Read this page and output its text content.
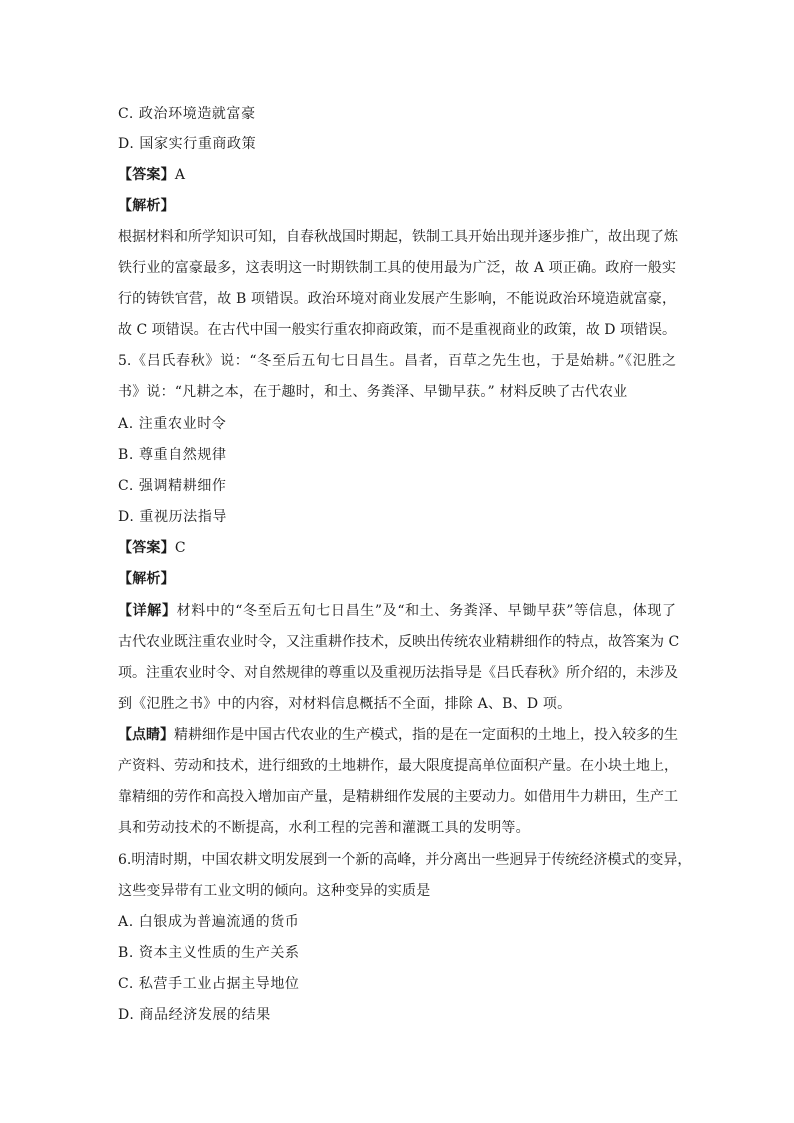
C. 政治环境造就富豪
D. 国家实行重商政策
【答案】A
【解析】
根据材料和所学知识可知，自春秋战国时期起，铁制工具开始出现并逐步推广，故出现了炼
铁行业的富豪最多，这表明这一时期铁制工具的使用最为广泛，故 A 项正确。政府一般实
行的铸铁官营，故 B 项错误。政治环境对商业发展产生影响，不能说政治环境造就富豪，
故 C 项错误。在古代中国一般实行重农抑商政策，而不是重视商业的政策，故 D 项错误。
5.《吕氏春秋》说：“冬至后五旬七日昌生。昌者，百草之先生也，于是始耕。”《氾胜之
书》说：“凡耕之本，在于趣时，和土、务粪泽、早锄早获。” 材料反映了古代农业
A. 注重农业时令
B. 尊重自然规律
C. 强调精耕细作
D. 重视历法指导
【答案】C
【解析】
【详解】材料中的“冬至后五旬七日昌生”及“和土、务粪泽、早锄早获”等信息，体现了
古代农业既注重农业时令，又注重耕作技术，反映出传统农业精耕细作的特点，故答案为 C
项。注重农业时令、对自然规律的尊重以及重视历法指导是《吕氏春秋》所介绍的，未涉及
到《氾胜之书》中的内容，对材料信息概括不全面，排除 A、B、D 项。
【点睛】精耕细作是中国古代农业的生产模式，指的是在一定面积的土地上，投入较多的生
产资料、劳动和技术，进行细致的土地耕作，最大限度提高单位面积产量。在小块土地上，
靠精细的劳作和高投入增加亩产量，是精耕细作发展的主要动力。如借用牛力耕田，生产工
具和劳动技术的不断提高，水利工程的完善和灌溉工具的发明等。
6.明清时期，中国农耕文明发展到一个新的高峰，并分离出一些迥异于传统经济模式的变异，
这些变异带有工业文明的倾向。这种变异的实质是
A. 白银成为普遍流通的货币
B. 资本主义性质的生产关系
C. 私营手工业占据主导地位
D. 商品经济发展的结果
